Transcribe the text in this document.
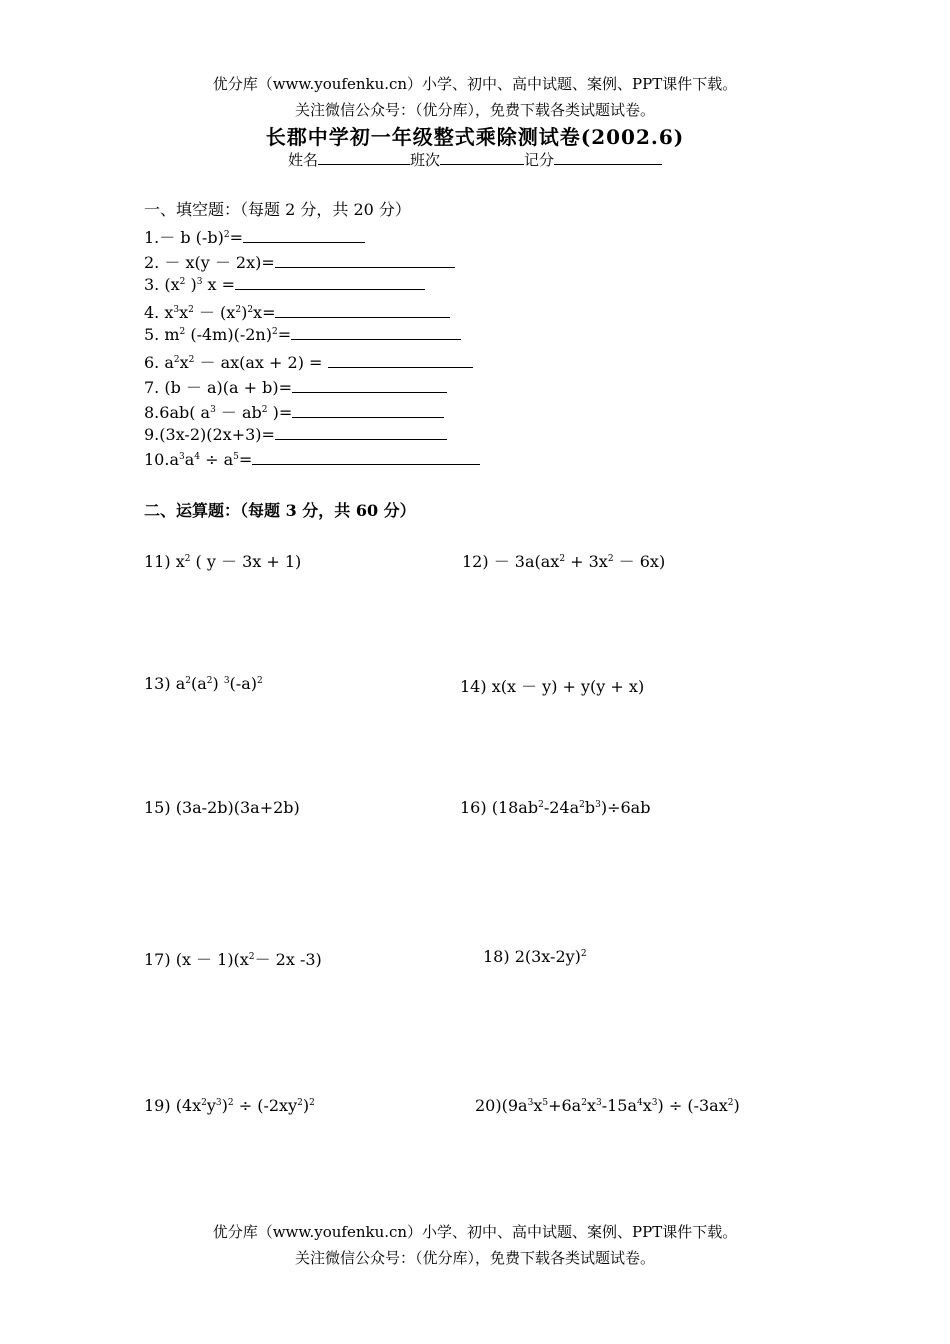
优分库（www.youfenku.cn）小学、初中、高中试题、案例、PPT课件下载。
关注微信公众号：（优分库），免费下载各类试题试卷。
长郡中学初一年级整式乘除测试卷(2002.6)
姓名	班次	记分
一、填空题：（每题 2 分，共 20 分）
1.－ b $(-b)^2=$
2. － x(y － 2x)=
3. ($x^2$ )$^3$ x =
4. $x^3x^2 - (x^2)^2x=$
5. $m^2$ $(-4m)(-2n)^2=$
6. $a^2x^2 - ax(ax + 2)$ =
7. (b － a)(a + b)=
8.6ab( $a^3 - ab^2$ )=
9.(3x-2)(2x+3)=
$10.a^3a^4 \div a^5=$
二、运算题：（每题 3 分，共 60 分）
11) $x^2$ ( y － 3x + 1)	$12) - 3a(ax^2 + 3x^2 - 6x)$
13) $a^2(a^2)$ $^3(-a)^2$	14) x(x － y) + y(y + x)
15) (3a-2b)(3a+2b)	16) $(18ab^2-24a^2b^3)\div 6ab$
17) $(x - 1)(x^2- 2x$ -3)	18) $2(3x-2y)^2$
19) $(4x^2y^3)^2 \div (-2xy^2)^2$	$20)(9a^3x^5+6a^2x^3-15a^4x^3) \div (-3ax^2)$
优分库（www.youfenku.cn）小学、初中、高中试题、案例、PPT课件下载。
关注微信公众号：（优分库），免费下载各类试题试卷。
